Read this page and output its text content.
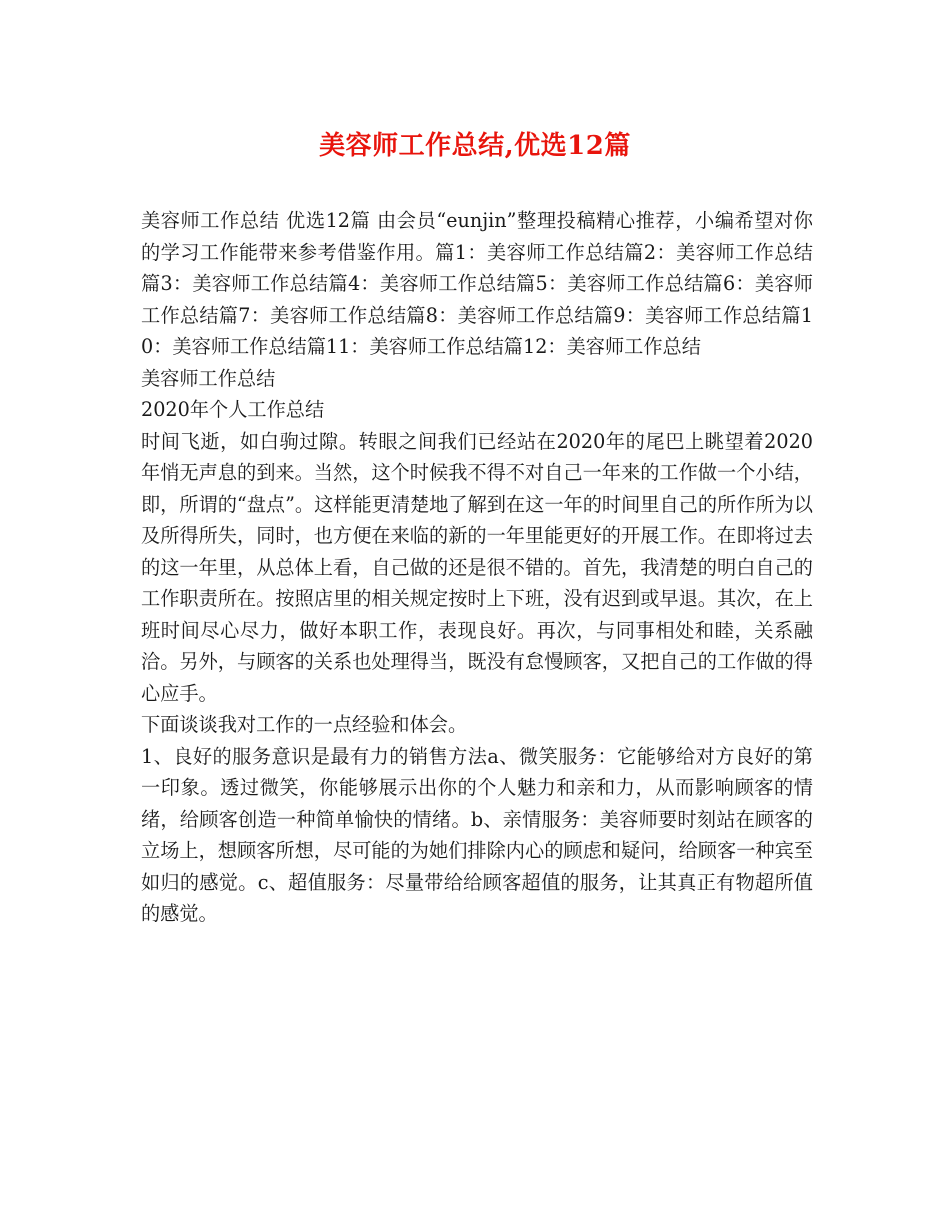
美容师工作总结,优选12篇

美容师工作总结 优选12篇 由会员“eunjin”整理投稿精心推荐，小编希望对你的学习工作能带来参考借鉴作用。篇1：美容师工作总结篇2：美容师工作总结篇3：美容师工作总结篇4：美容师工作总结篇5：美容师工作总结篇6：美容师工作总结篇7：美容师工作总结篇8：美容师工作总结篇9：美容师工作总结篇10：美容师工作总结篇11：美容师工作总结篇12：美容师工作总结

美容师工作总结

2020年个人工作总结

时间飞逝，如白驹过隙。转眼之间我们已经站在2020年的尾巴上眺望着2020年悄无声息的到来。当然，这个时候我不得不对自己一年来的工作做一个小结，即，所谓的“盘点”。这样能更清楚地了解到在这一年的时间里自己的所作所为以及所得所失，同时，也方便在来临的新的一年里能更好的开展工作。在即将过去的这一年里，从总体上看，自己做的还是很不错的。首先，我清楚的明白自己的工作职责所在。按照店里的相关规定按时上下班，没有迟到或早退。其次，在上班时间尽心尽力，做好本职工作，表现良好。再次，与同事相处和睦，关系融洽。另外，与顾客的关系也处理得当，既没有怠慢顾客，又把自己的工作做的得心应手。

下面谈谈我对工作的一点经验和体会。

1、良好的服务意识是最有力的销售方法a、微笑服务：它能够给对方良好的第一印象。透过微笑，你能够展示出你的个人魅力和亲和力，从而影响顾客的情绪，给顾客创造一种简单愉快的情绪。b、亲情服务：美容师要时刻站在顾客的立场上，想顾客所想，尽可能的为她们排除内心的顾虑和疑问，给顾客一种宾至如归的感觉。c、超值服务：尽量带给给顾客超值的服务，让其真正有物超所值的感觉。
